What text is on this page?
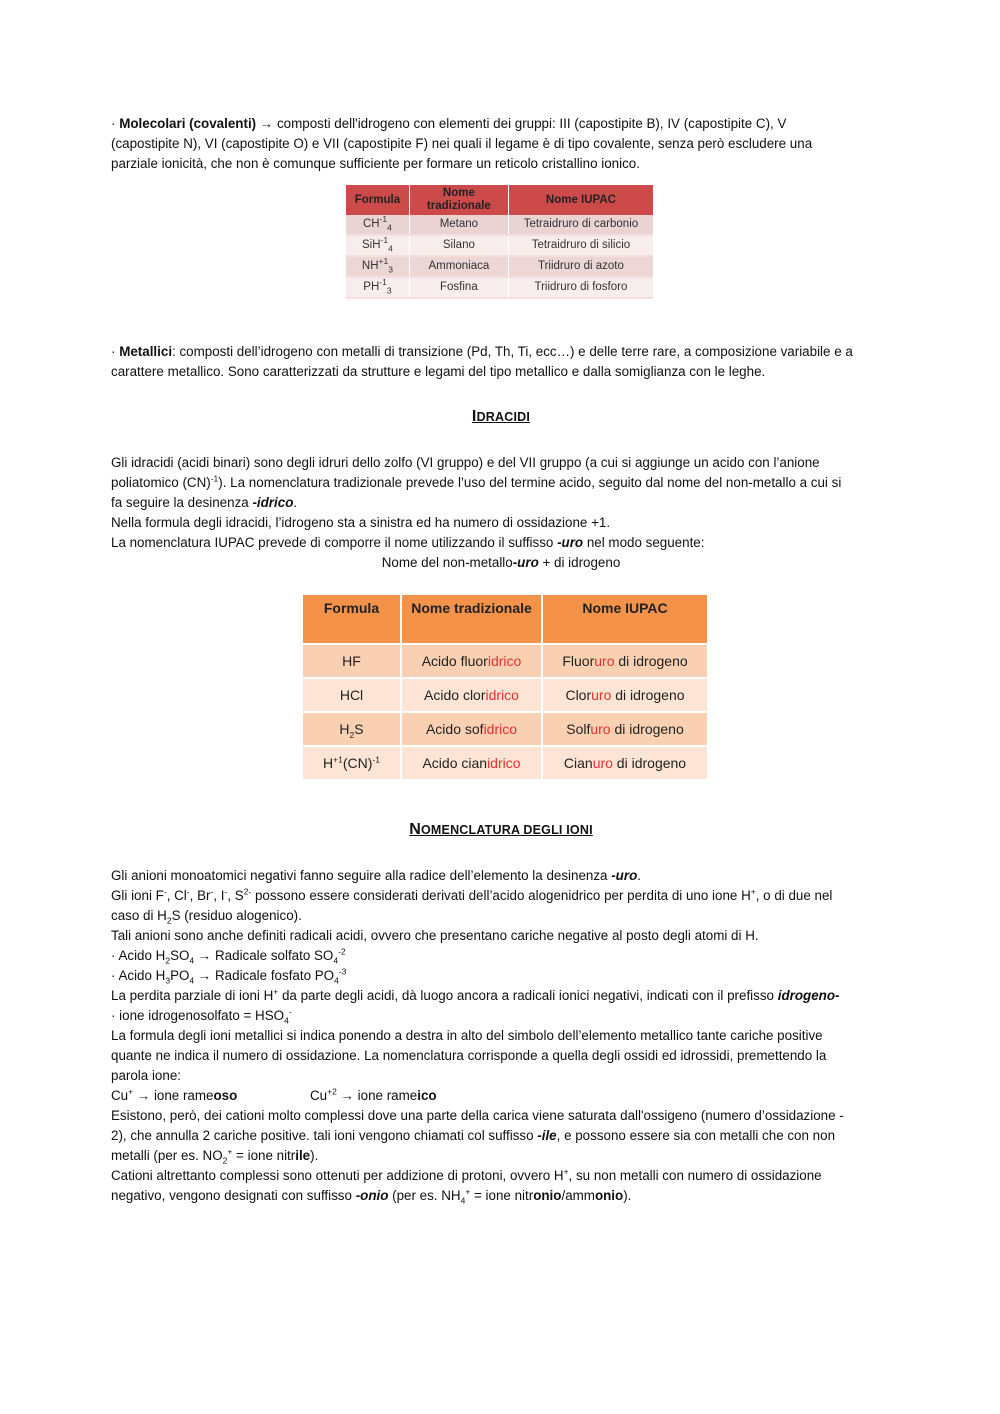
· Molecolari (covalenti) → composti dell'idrogeno con elementi dei gruppi: III (capostipite B), IV (capostipite C), V

(capostipite N), VI (capostipite O) e VII (capostipite F) nei quali il legame è di tipo covalente, senza però escludere una

parziale ionicità, che non è comunque sufficiente per formare un reticolo cristallino ionico.

· Metallici: composti dell’idrogeno con metalli di transizione (Pd, Th, Ti, ecc…) e delle terre rare, a composizione variabile e a

carattere metallico. Sono caratterizzati da strutture e legami del tipo metallico e dalla somiglianza con le leghe.

IDRACIDI

Gli idracidi (acidi binari) sono degli idruri dello zolfo (VI gruppo) e del VII gruppo (a cui si aggiunge un acido con l’anione

poliatomico (CN)$^{-1}$). La nomenclatura tradizionale prevede l’uso del termine acido, seguito dal nome del non-metallo a cui si

fa seguire la desinenza -idrico.

Nella formula degli idracidi, l’idrogeno sta a sinistra ed ha numero di ossidazione +1.

La nomenclatura IUPAC prevede di comporre il nome utilizzando il suffisso -uro nel modo seguente:

Nome del non-metallo-uro + di idrogeno

NOMENCLATURA DEGLI IONI

Gli anioni monoatomici negativi fanno seguire alla radice dell’elemento la desinenza -uro.

Gli ioni F-, Cl-, Br-, I-, $S^{2-}$ possono essere considerati derivati dell’acido alogenidrico per perdita di uno ione H+, o di due nel

caso di $H_2S$ (residuo alogenico).

Tali anioni sono anche definiti radicali acidi, ovvero che presentano cariche negative al posto degli atomi di H.

· Acido $H_2SO_4$ → Radicale solfato $SO_4^{-2}$

· Acido $H_3PO_4$ → Radicale fosfato $PO_4^{-3}$

La perdita parziale di ioni H+ da parte degli acidi, dà luogo ancora a radicali ionici negativi, indicati con il prefisso idrogeno-

· ione idrogenosolfato = $HSO_4^-$

La formula degli ioni metallici si indica ponendo a destra in alto del simbolo dell’elemento metallico tante cariche positive

quante ne indica il numero di ossidazione. La nomenclatura corrisponde a quella degli ossidi ed idrossidi, premettendo la

parola ione:

Cu+ → ione rameoso	$Cu^{+2}$ → ione rameico

Esistono, però, dei cationi molto complessi dove una parte della carica viene saturata dall'ossigeno (numero d’ossidazione -

2), che annulla 2 cariche positive. tali ioni vengono chiamati col suffisso -ile, e possono essere sia con metalli che con non

metalli (per es. $NO_2^+$ = ione nitrile).

Cationi altrettanto complessi sono ottenuti per addizione di protoni, ovvero H+, su non metalli con numero di ossidazione

negativo, vengono designati con suffisso -onio (per es. $NH_4^+$ = ione nitronio/ammonio).

Formula	Nome tradizionale	Nome IUPAC
$CH^{-1}_4$	Metano	Tetraidruro di carbonio
SiH$^{-1}_4$	Silano	Tetraidruro di silicio
$NH^{+1}_3$	Ammoniaca	Triidruro di azoto
$PH^{-1}_3$	Fosfina	Triidruro di fosforo
Formula	Nome tradizionale	Nome IUPAC
HF	Acido fluoridrico	Fluoruro di idrogeno
HCl	Acido cloridrico	Cloruro di idrogeno
$H_2S$	Acido sofidrico	Solfuro di idrogeno
$H^{+1}(CN)^{-1}$	Acido cianidrico	Cianuro di idrogeno
